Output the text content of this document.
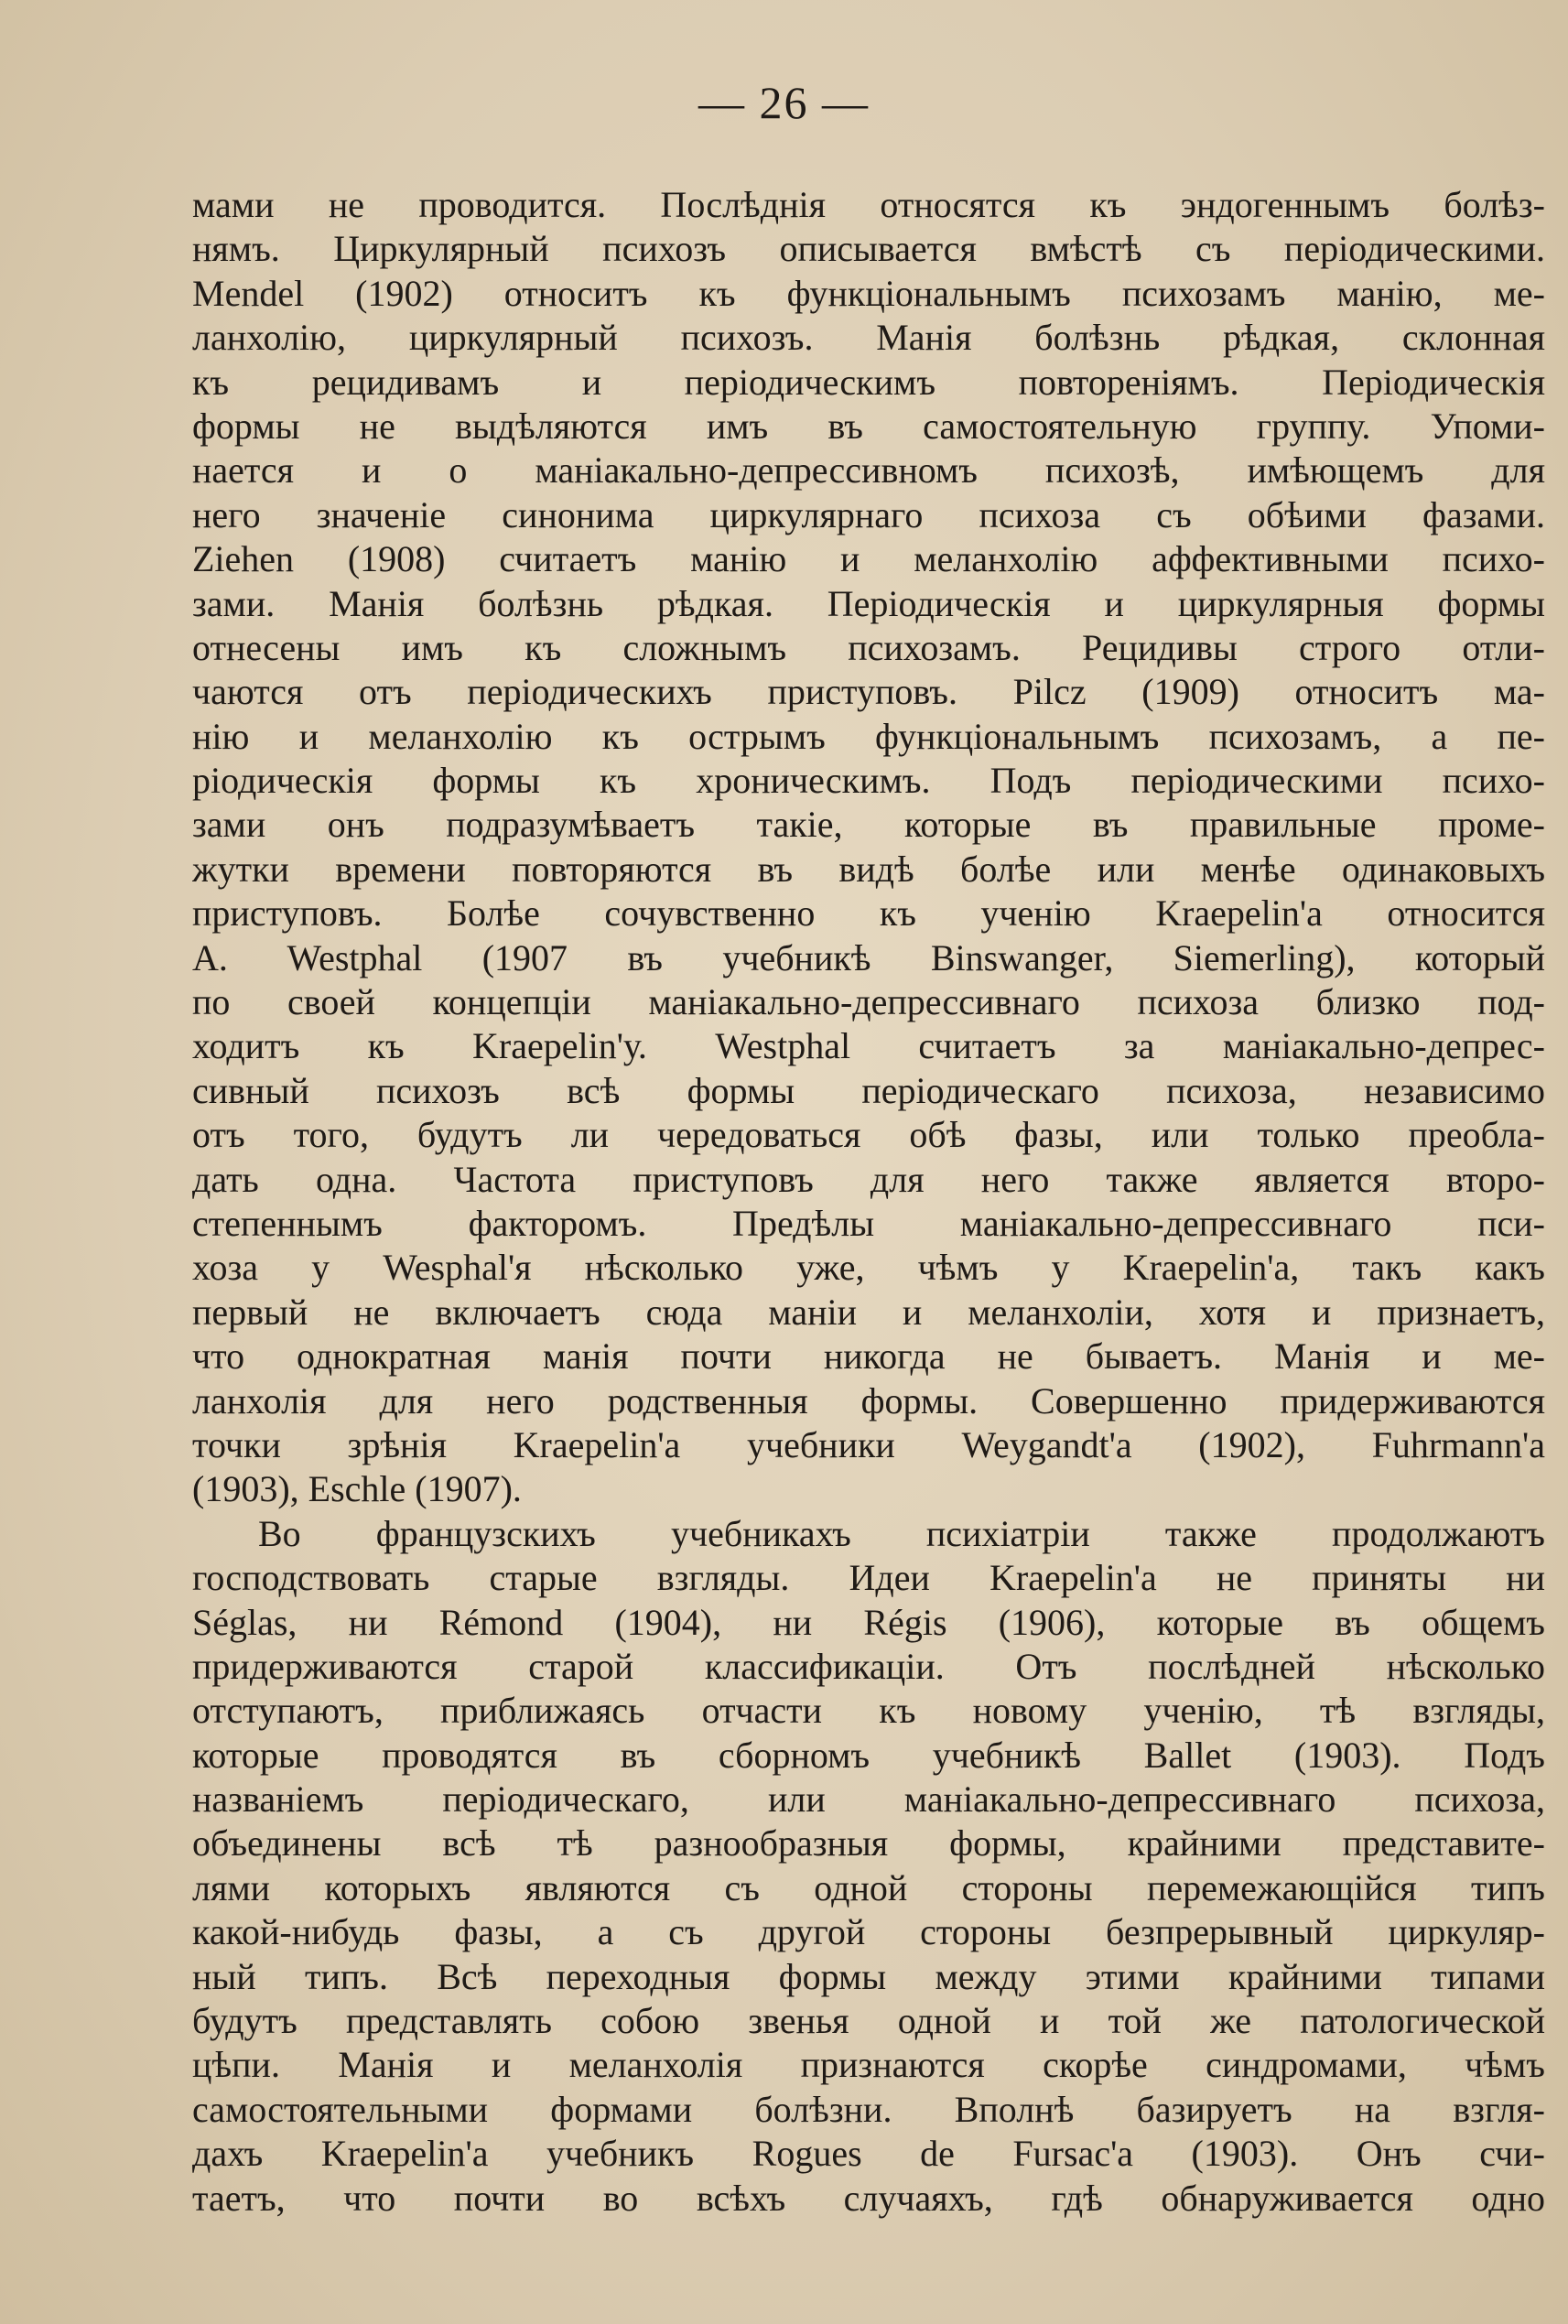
— 26 —
мами не проводится. Послѣднія относятся къ эндогеннымъ болѣз-
нямъ. Циркулярный психозъ описывается вмѣстѣ съ періодическими.
Mendel (1902) относитъ къ функціональнымъ психозамъ манію, ме-
ланхолію, циркулярный психозъ. Манія болѣзнь рѣдкая, склонная
къ рецидивамъ и періодическимъ повтореніямъ. Періодическія
формы не выдѣляются имъ въ самостоятельную группу. Упоми-
нается и о маніакально-депрессивномъ психозѣ, имѣющемъ для
него значеніе синонима циркулярнаго психоза съ обѣими фазами.
Ziehen (1908) считаетъ манію и меланхолію аффективными психо-
зами. Манія болѣзнь рѣдкая. Періодическія и циркулярныя формы
отнесены имъ къ сложнымъ психозамъ. Рецидивы строго отли-
чаются отъ періодическихъ приступовъ. Pilcz (1909) относитъ ма-
нію и меланхолію къ острымъ функціональнымъ психозамъ, а пе-
ріодическія формы къ хроническимъ. Подъ періодическими психо-
зами онъ подразумѣваетъ такіе, которые въ правильные проме-
жутки времени повторяются въ видѣ болѣе или менѣе одинаковыхъ
приступовъ. Болѣе сочувственно къ ученію Kraepelin'a относится
A. Westphal (1907 въ учебникѣ Binswanger, Siemerling), который
по своей концепціи маніакально-депрессивнаго психоза близко под-
ходитъ къ Kraepelin'у. Westphal считаетъ за маніакально-депрес-
сивный психозъ всѣ формы періодическаго психоза, независимо
отъ того, будутъ ли чередоваться обѣ фазы, или только преобла-
дать одна. Частота приступовъ для него также является второ-
степеннымъ факторомъ. Предѣлы маніакально-депрессивнаго пси-
хоза у Wesphal'я нѣсколько уже, чѣмъ у Kraepelin'а, такъ какъ
первый не включаетъ сюда маніи и меланхоліи, хотя и признаетъ,
что однократная манія почти никогда не бываетъ. Манія и ме-
ланхолія для него родственныя формы. Совершенно придерживаются
точки зрѣнія Kraepelin'а учебники Weygandt'а (1902), Fuhrmann'а
(1903), Eschle (1907).
Во французскихъ учебникахъ психіатріи также продолжаютъ
господствовать старые взгляды. Идеи Kraepelin'а не приняты ни
Séglas, ни Rémond (1904), ни Régis (1906), которые въ общемъ
придерживаются старой классификаціи. Отъ послѣдней нѣсколько
отступаютъ, приближаясь отчасти къ новому ученію, тѣ взгляды,
которые проводятся въ сборномъ учебникѣ Ballet (1903). Подъ
названіемъ періодическаго, или маніакально-депрессивнаго психоза,
объединены всѣ тѣ разнообразныя формы, крайними представите-
лями которыхъ являются съ одной стороны перемежающійся типъ
какой-нибудь фазы, а съ другой стороны безпрерывный циркуляр-
ный типъ. Всѣ переходныя формы между этими крайними типами
будутъ представлять собою звенья одной и той же патологической
цѣпи. Манія и меланхолія признаются скорѣе синдромами, чѣмъ
самостоятельными формами болѣзни. Вполнѣ базируетъ на взгля-
дахъ Kraepelin'а учебникъ Rogues de Fursac'а (1903). Онъ счи-
таетъ, что почти во всѣхъ случаяхъ, гдѣ обнаруживается одно
